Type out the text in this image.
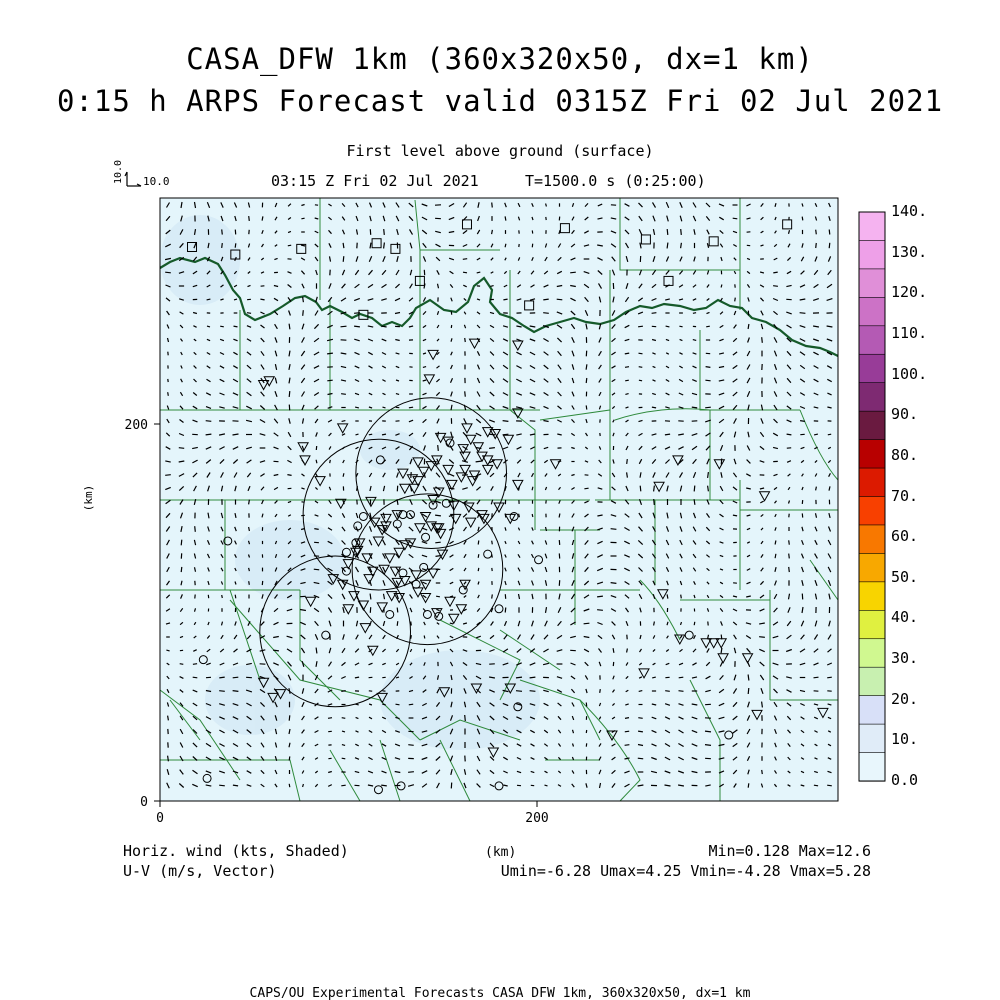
CASA_DFW 1km (360x320x50, dx=1 km)
0:15 h ARPS Forecast valid 0315Z Fri 02 Jul 2021
First level above ground (surface)
03:15 Z Fri 02 Jul 2021	T=1500.0 s (0:25:00)
10.0 10.0
0	200
0
200
(km)
140.
130.
120.
110.
100.
90.
80.
70.
60.
50.
40.
30.
20.
10.
0.0
Horiz. wind (kts, Shaded)
U-V (m/s, Vector)
(km)	Min=0.128 Max=12.6
Umin=-6.28 Umax=4.25 Vmin=-4.28 Vmax=5.28
CAPS/OU Experimental Forecasts CASA DFW 1km, 360x320x50, dx=1 km
